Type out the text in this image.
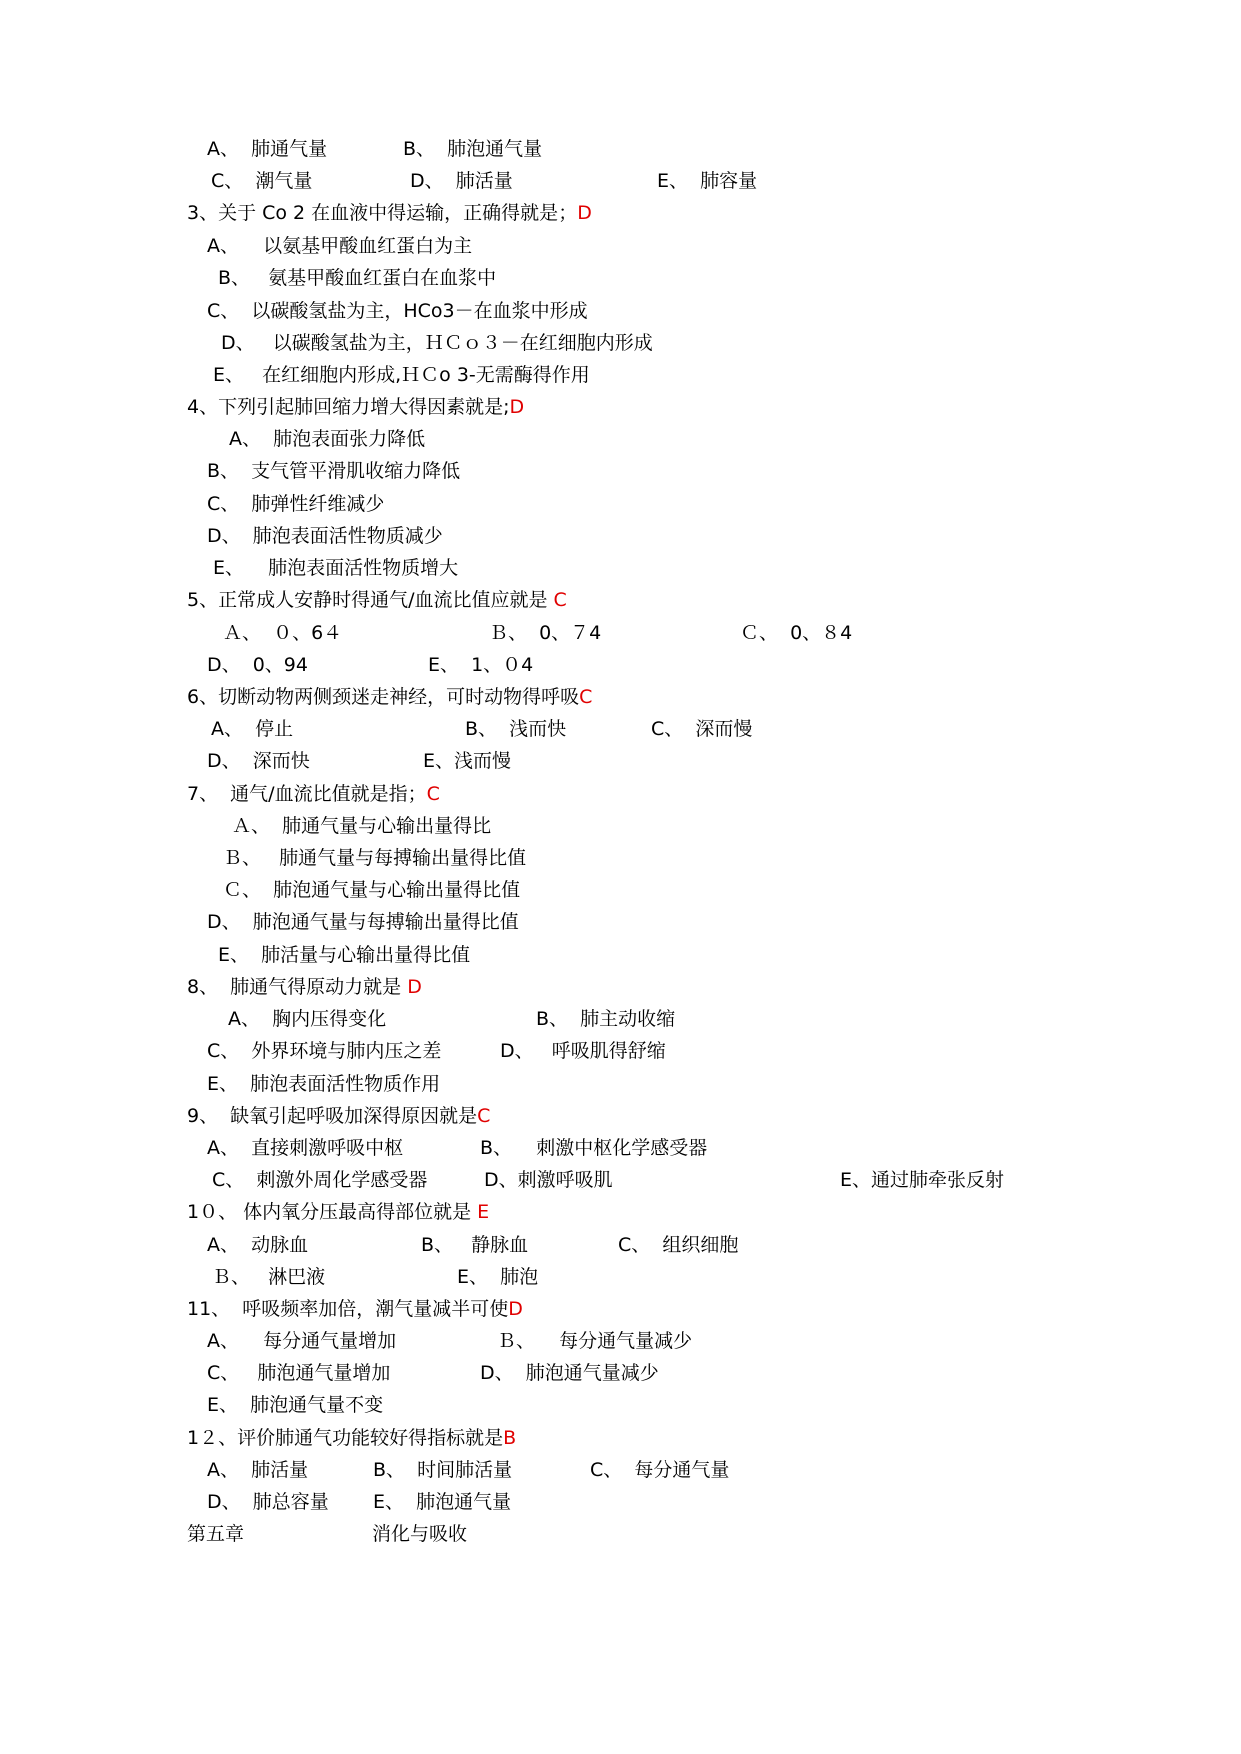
A、  肺通气量	B、  肺泡通气量
C、  潮气量	D、  肺活量	E、  肺容量
3、关于 Co 2 在血液中得运输，正确得就是；D
A、    以氨基甲酸血红蛋白为主
B、   氨基甲酸血红蛋白在血浆中
C、  以碳酸氢盐为主，HCo3－在血浆中形成
D、   以碳酸氢盐为主，ＨＣｏ３－在红细胞内形成
E、   在红细胞内形成,ＨＣo 3-无需酶得作用
4、下列引起肺回缩力增大得因素就是;D
A、  肺泡表面张力降低
B、  支气管平滑肌收缩力降低
C、  肺弹性纤维减少
D、  肺泡表面活性物质减少
E、    肺泡表面活性物质增大
5、正常成人安静时得通气/血流比值应就是 C
Ａ、  ０、6４	Ｂ、  0、７4	Ｃ、  0、８4
D、  0、94	E、  1、０4
6、切断动物两侧颈迷走神经，可时动物得呼吸C
A、  停止	B、  浅而快	C、  深而慢
D、  深而快	E、浅而慢
7、  通气/血流比值就是指；C
Ａ、  肺通气量与心输出量得比
Ｂ、   肺通气量与每搏输出量得比值
Ｃ、  肺泡通气量与心输出量得比值
D、  肺泡通气量与每搏输出量得比值
E、  肺活量与心输出量得比值
8、  肺通气得原动力就是 D
A、  胸内压得变化	B、  肺主动收缩
C、  外界环境与肺内压之差	D、   呼吸肌得舒缩
E、  肺泡表面活性物质作用
9、  缺氧引起呼吸加深得原因就是C
A、  直接刺激呼吸中枢	B、    刺激中枢化学感受器
C、  刺激外周化学感受器	D、刺激呼吸肌	E、通过肺牵张反射
1０、 体内氧分压最高得部位就是 E
A、  动脉血	B、   静脉血	C、  组织细胞
Ｂ、   淋巴液	E、  肺泡
11、  呼吸频率加倍，潮气量减半可使D
A、    每分通气量增加	Ｂ、    每分通气量减少
C、   肺泡通气量增加	D、  肺泡通气量减少
E、  肺泡通气量不变
1２、评价肺通气功能较好得指标就是B
A、  肺活量	B、  时间肺活量	C、  每分通气量
D、  肺总容量 E、  肺泡通气量
第五章	消化与吸收
